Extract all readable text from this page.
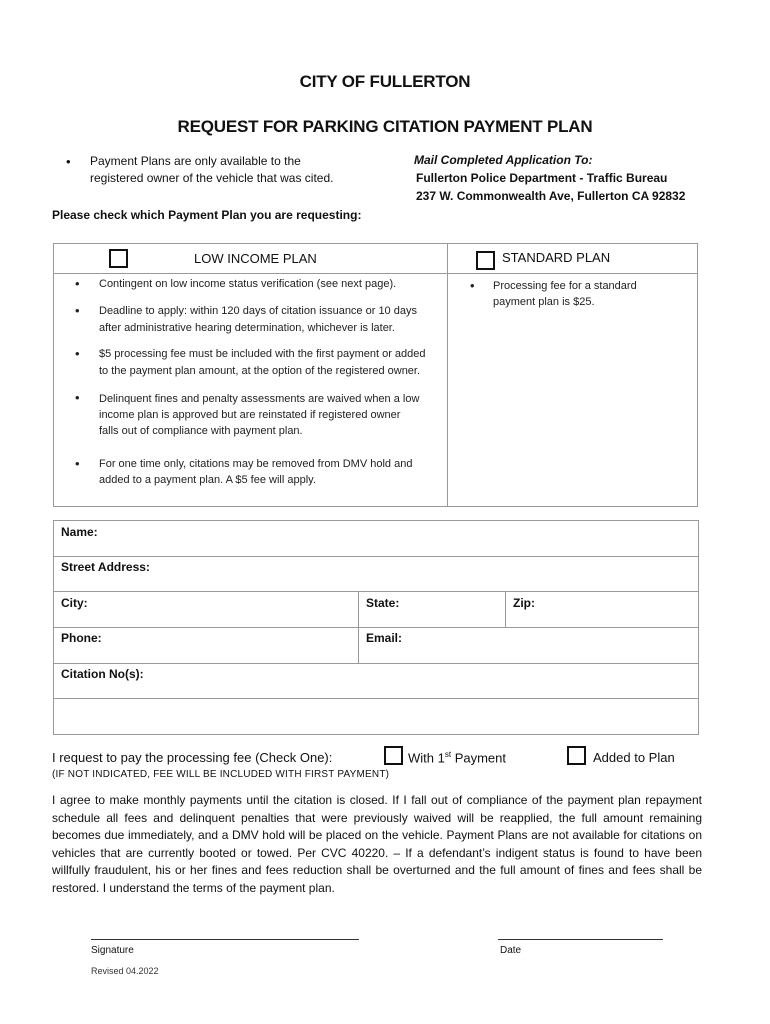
CITY OF FULLERTON
REQUEST FOR PARKING CITATION PAYMENT PLAN
• Payment Plans are only available to the
registered owner of the vehicle that was cited.
Mail Completed Application To:
Fullerton Police Department - Traffic Bureau
237 W. Commonwealth Ave, Fullerton CA 92832
Please check which Payment Plan you are requesting:
LOW INCOME PLAN	STANDARD PLAN
• Contingent on low income status verification (see next page).
• Deadline to apply: within 120 days of citation issuance or 10 days
after administrative hearing determination, whichever is later.
• $5 processing fee must be included with the first payment or added
to the payment plan amount, at the option of the registered owner.
• Delinquent fines and penalty assessments are waived when a low
income plan is approved but are reinstated if registered owner
falls out of compliance with payment plan.
• For one time only, citations may be removed from DMV hold and
added to a payment plan. A $5 fee will apply.
• Processing fee for a standard
payment plan is $25.
Name:
Street Address:
City:	State:	Zip:
Phone:	Email:
Citation No(s):
I request to pay the processing fee (Check One):	With 1st Payment	Added to Plan
(IF NOT INDICATED, FEE WILL BE INCLUDED WITH FIRST PAYMENT)
I agree to make monthly payments until the citation is closed. If I fall out of compliance of the payment plan repayment schedule all fees and delinquent penalties that were previously waived will be reapplied, the full amount remaining becomes due immediately, and a DMV hold will be placed on the vehicle. Payment Plans are not available for citations on vehicles that are currently booted or towed. Per CVC 40220. – If a defendant’s indigent status is found to have been willfully fraudulent, his or her fines and fees reduction shall be overturned and the full amount of fines and fees shall be restored. I understand the terms of the payment plan.
Signature	Date
Revised 04.2022
